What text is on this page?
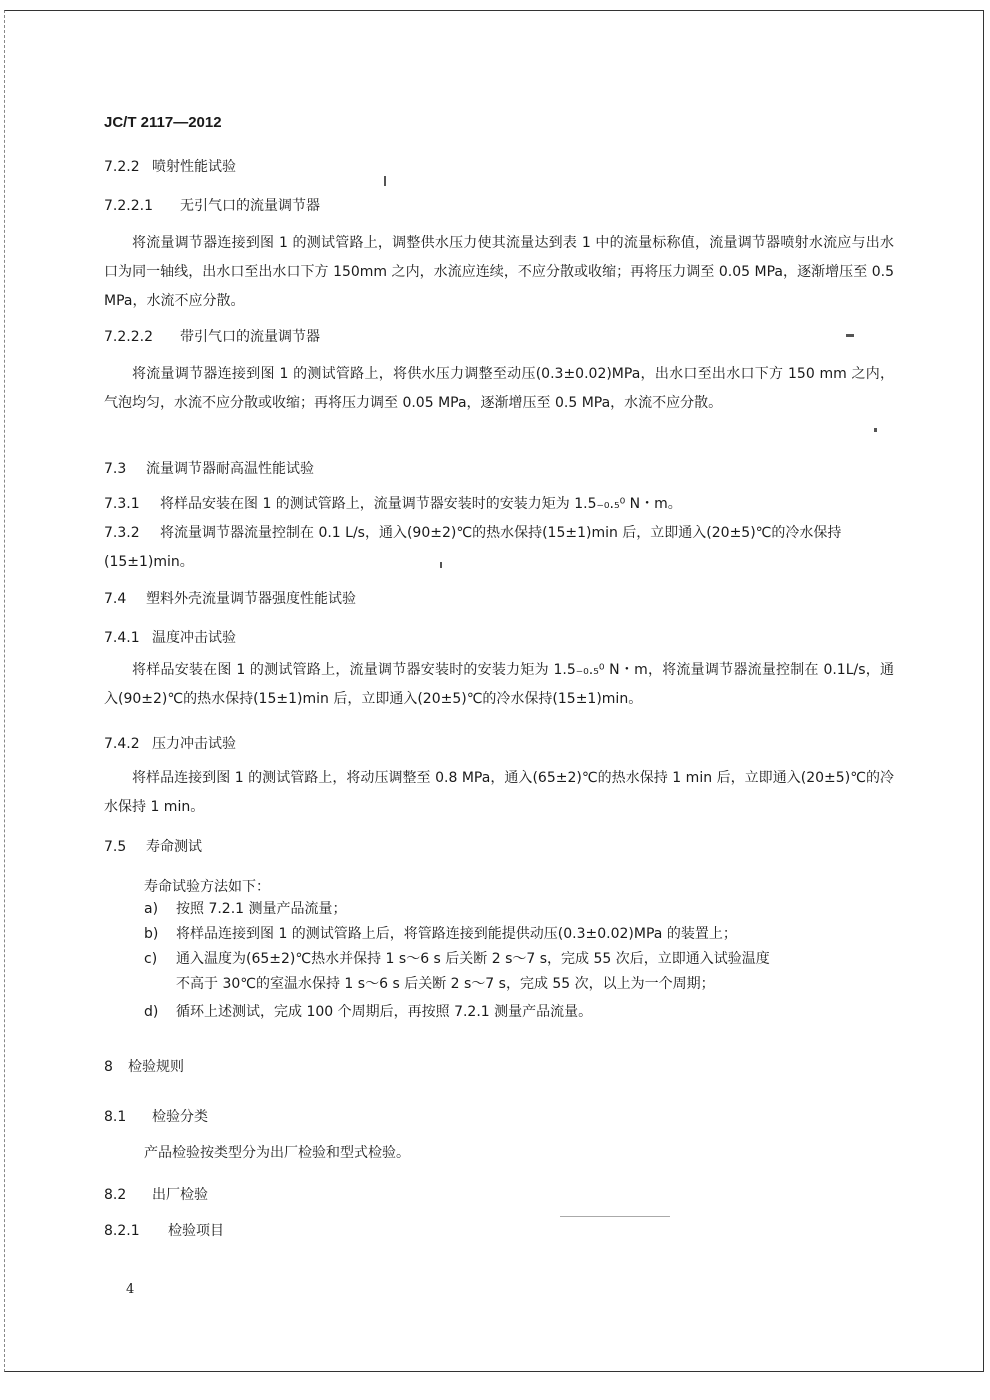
JC/T 2117—2012
7.2.2 喷射性能试验
7.2.2.1 无引气口的流量调节器
将流量调节器连接到图 1 的测试管路上，调整供水压力使其流量达到表 1 中的流量标称值，流量调节器喷射水流应与出水口为同一轴线，出水口至出水口下方 150mm 之内，水流应连续，不应分散或收缩；再将压力调至 0.05 MPa，逐渐增压至 0.5 MPa，水流不应分散。
7.2.2.2 带引气口的流量调节器
将流量调节器连接到图 1 的测试管路上，将供水压力调整至动压(0.3±0.02)MPa，出水口至出水口下方 150 mm 之内，气泡均匀，水流不应分散或收缩；再将压力调至 0.05 MPa，逐渐增压至 0.5 MPa，水流不应分散。
7.3 流量调节器耐高温性能试验
7.3.1 将样品安装在图 1 的测试管路上，流量调节器安装时的安装力矩为 1.5₋₀.₅⁰ N・m。
7.3.2 将流量调节器流量控制在 0.1 L/s，通入(90±2)℃的热水保持(15±1)min 后，立即通入(20±5)℃的冷水保持(15±1)min。
7.4 塑料外壳流量调节器强度性能试验
7.4.1 温度冲击试验
将样品安装在图 1 的测试管路上，流量调节器安装时的安装力矩为 1.5₋₀.₅⁰ N・m，将流量调节器流量控制在 0.1L/s，通入(90±2)℃的热水保持(15±1)min 后，立即通入(20±5)℃的冷水保持(15±1)min。
7.4.2 压力冲击试验
将样品连接到图 1 的测试管路上，将动压调整至 0.8 MPa，通入(65±2)℃的热水保持 1 min 后，立即通入(20±5)℃的冷水保持 1 min。
7.5 寿命测试
寿命试验方法如下：
a) 按照 7.2.1 测量产品流量；
b) 将样品连接到图 1 的测试管路上后，将管路连接到能提供动压(0.3±0.02)MPa 的装置上；
c) 通入温度为(65±2)℃热水并保持 1 s～6 s 后关断 2 s～7 s，完成 55 次后，立即通入试验温度
不高于 30℃的室温水保持 1 s～6 s 后关断 2 s～7 s，完成 55 次，以上为一个周期；
d) 循环上述测试，完成 100 个周期后，再按照 7.2.1 测量产品流量。
8 检验规则
8.1 检验分类
产品检验按类型分为出厂检验和型式检验。
8.2 出厂检验
8.2.1 检验项目
4
